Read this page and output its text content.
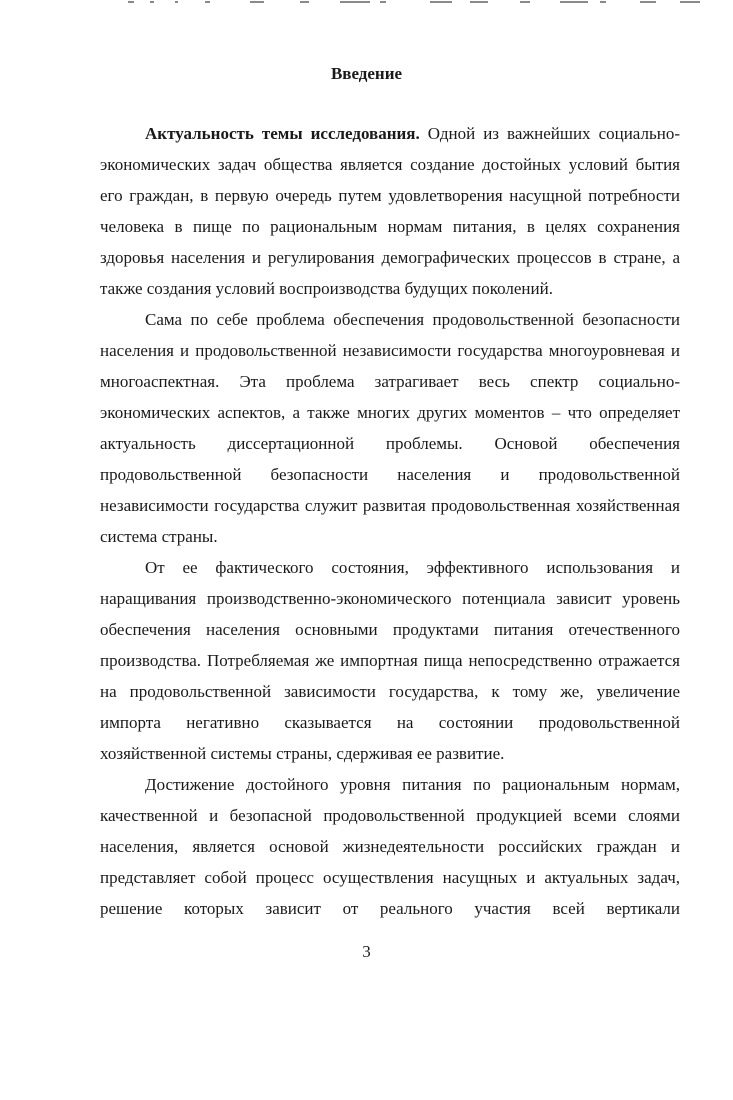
Введение

Актуальность темы исследования. Одной из важнейших социально-экономических задач общества является создание достойных условий бытия его граждан, в первую очередь путем удовлетворения насущной потребности человека в пище по рациональным нормам питания, в целях сохранения здоровья населения и регулирования демографических процессов в стране, а также создания условий воспроизводства будущих поколений.

Сама по себе проблема обеспечения продовольственной безопасности населения и продовольственной независимости государства многоуровневая и многоаспектная. Эта проблема затрагивает весь спектр социально-экономических аспектов, а также многих других моментов – что определяет актуальность диссертационной проблемы. Основой обеспечения продовольственной безопасности населения и продовольственной независимости государства служит развитая продовольственная хозяйственная система страны.

От ее фактического состояния, эффективного использования и наращивания производственно-экономического потенциала зависит уровень обеспечения населения основными продуктами питания отечественного производства. Потребляемая же импортная пища непосредственно отражается на продовольственной зависимости государства, к тому же, увеличение импорта негативно сказывается на состоянии продовольственной хозяйственной системы страны, сдерживая ее развитие.

Достижение достойного уровня питания по рациональным нормам, качественной и безопасной продовольственной продукцией всеми слоями населения, является основой жизнедеятельности российских граждан и представляет собой процесс осуществления насущных и актуальных задач, решение которых зависит от реального участия всей вертикали

3
